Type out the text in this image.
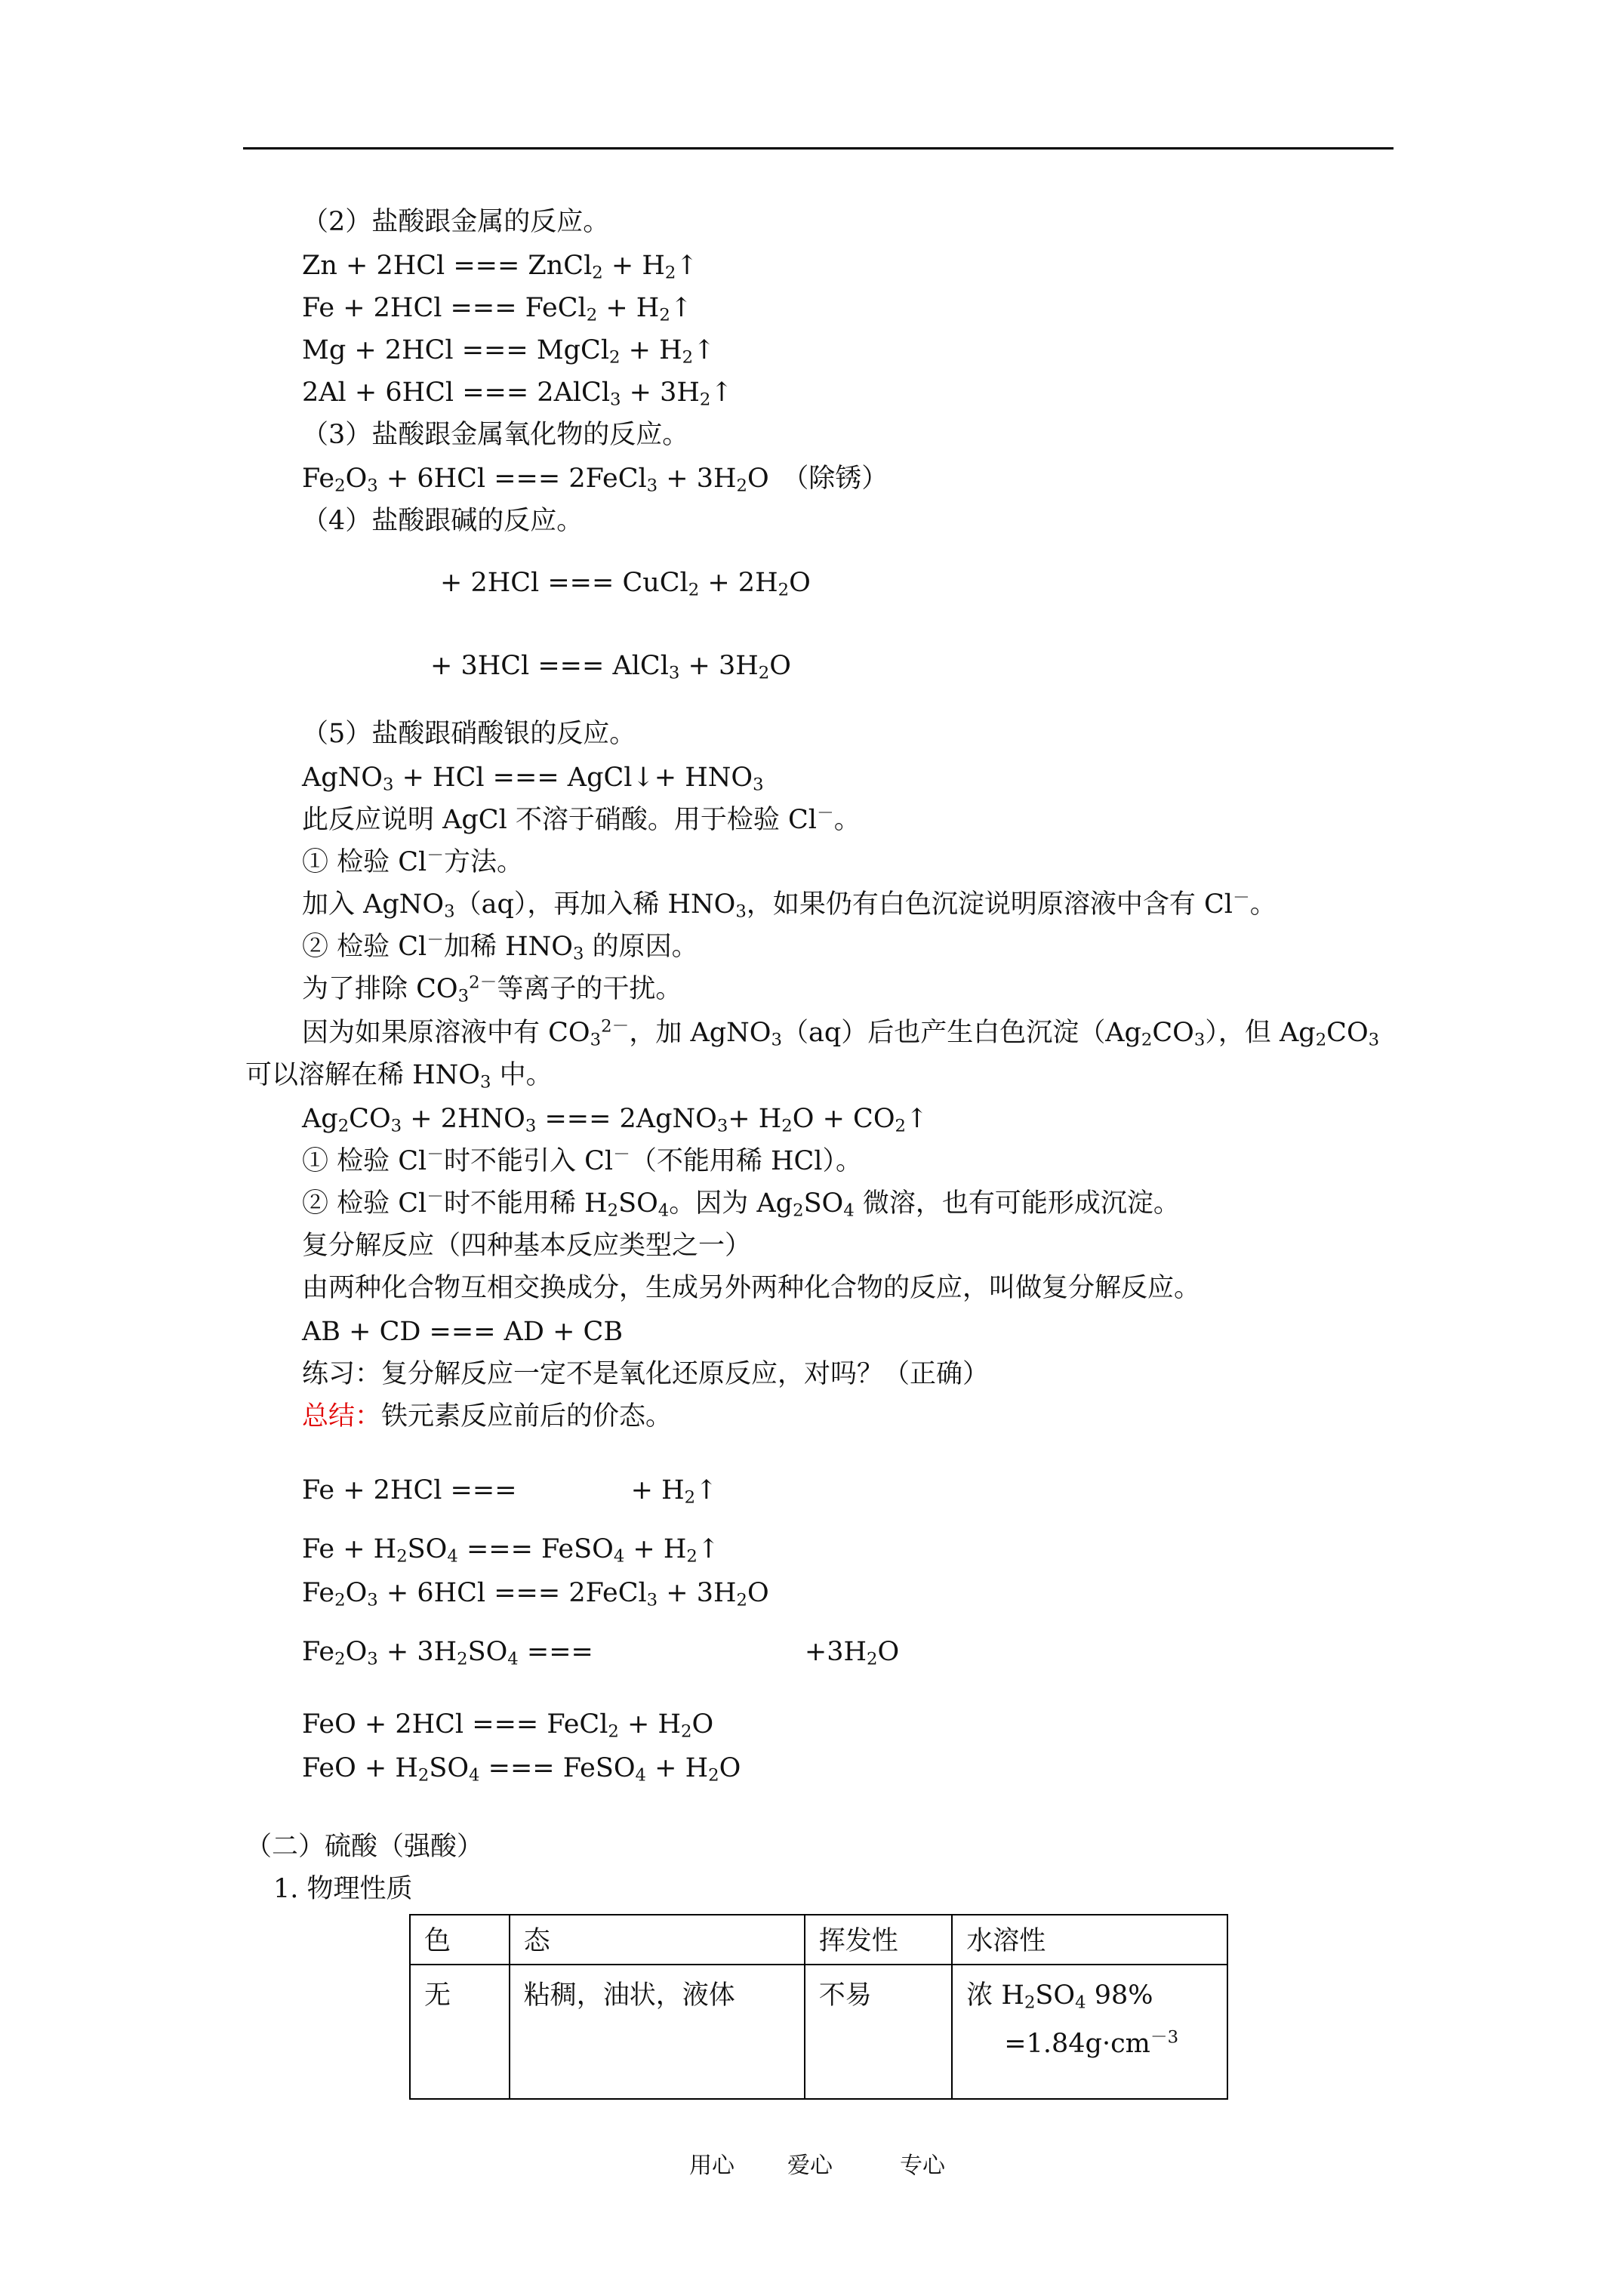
（2）盐酸跟金属的反应。
Zn + 2HCl === ZnCl$_2$ + $H_2↑$
Fe + 2HCl === FeCl$_2$ + $H_2↑$
Mg + 2HCl === MgCl$_2$ + $H_2↑$
2Al + 6HCl === 2AlCl$_3$ + $3H_2↑$
（3）盐酸跟金属氧化物的反应。
$Fe_2O_3 + 6HCl$ === 2FeCl$_3$ + $3H_2O$　（除锈）
（4）盐酸跟碱的反应。
+ 2HCl === CuCl$_2$ + $2H_2O$
+ 3HCl === AlCl$_3$ + $3H_2O$
（5）盐酸跟硝酸银的反应。
AgNO$_3$ + HCl === AgCl↓+ $HNO_3$
此反应说明 AgCl 不溶于硝酸。用于检验 Cl－。
① 检验 Cl－方法。
加入 AgNO$_3$（aq），再加入稀 $HNO_3$，如果仍有白色沉淀说明原溶液中含有 Cl－。
② 检验 Cl－加稀 $HNO_3$ 的原因。
为了排除 $CO_3^{2-}$等离子的干扰。
因为如果原溶液中有 $CO_3^{2-}$，加 AgNO$_3$（aq）后也产生白色沉淀$(Ag_2CO_3)$，但 $Ag_2CO_3$
可以溶解在稀 $HNO_3$ 中。
$Ag_2CO_3 + 2HNO_3$ === 2AgNO$_3$+ $H_2O$ + $CO_2↑$
① 检验 Cl－时不能引入 Cl－（不能用稀 HCl）。
② 检验 Cl－时不能用稀 $H_2SO_4$。因为 $Ag_2SO_4$ 微溶，也有可能形成沉淀。
复分解反应（四种基本反应类型之一）
由两种化合物互相交换成分，生成另外两种化合物的反应，叫做复分解反应。
AB + CD === AD + CB
练习：复分解反应一定不是氧化还原反应，对吗？（正确）
总结：铁元素反应前后的价态。
Fe + 2HCl ===　　　　 + $H_2↑$
$Fe + H_2SO_4$ === FeSO$_4$ + $H_2↑$
$Fe_2O_3 + 6HCl$ === 2FeCl$_3$ + $3H_2O$
$Fe_2O_3 + 3H_2SO_4$ ===　　　　　　　　$+3H_2O$
FeO + 2HCl === FeCl$_2$ + $H_2O$
FeO + $H_2SO_4$ === FeSO$_4$ + $H_2O$
（二）硫酸（强酸）
1. 物理性质
色	态	挥发性	水溶性
无	粘稠，油状，液体	不易	浓 $H_2SO_4$ 98%
$=1.84g\cdot cm^{-3}$
用心 爱心	专心
